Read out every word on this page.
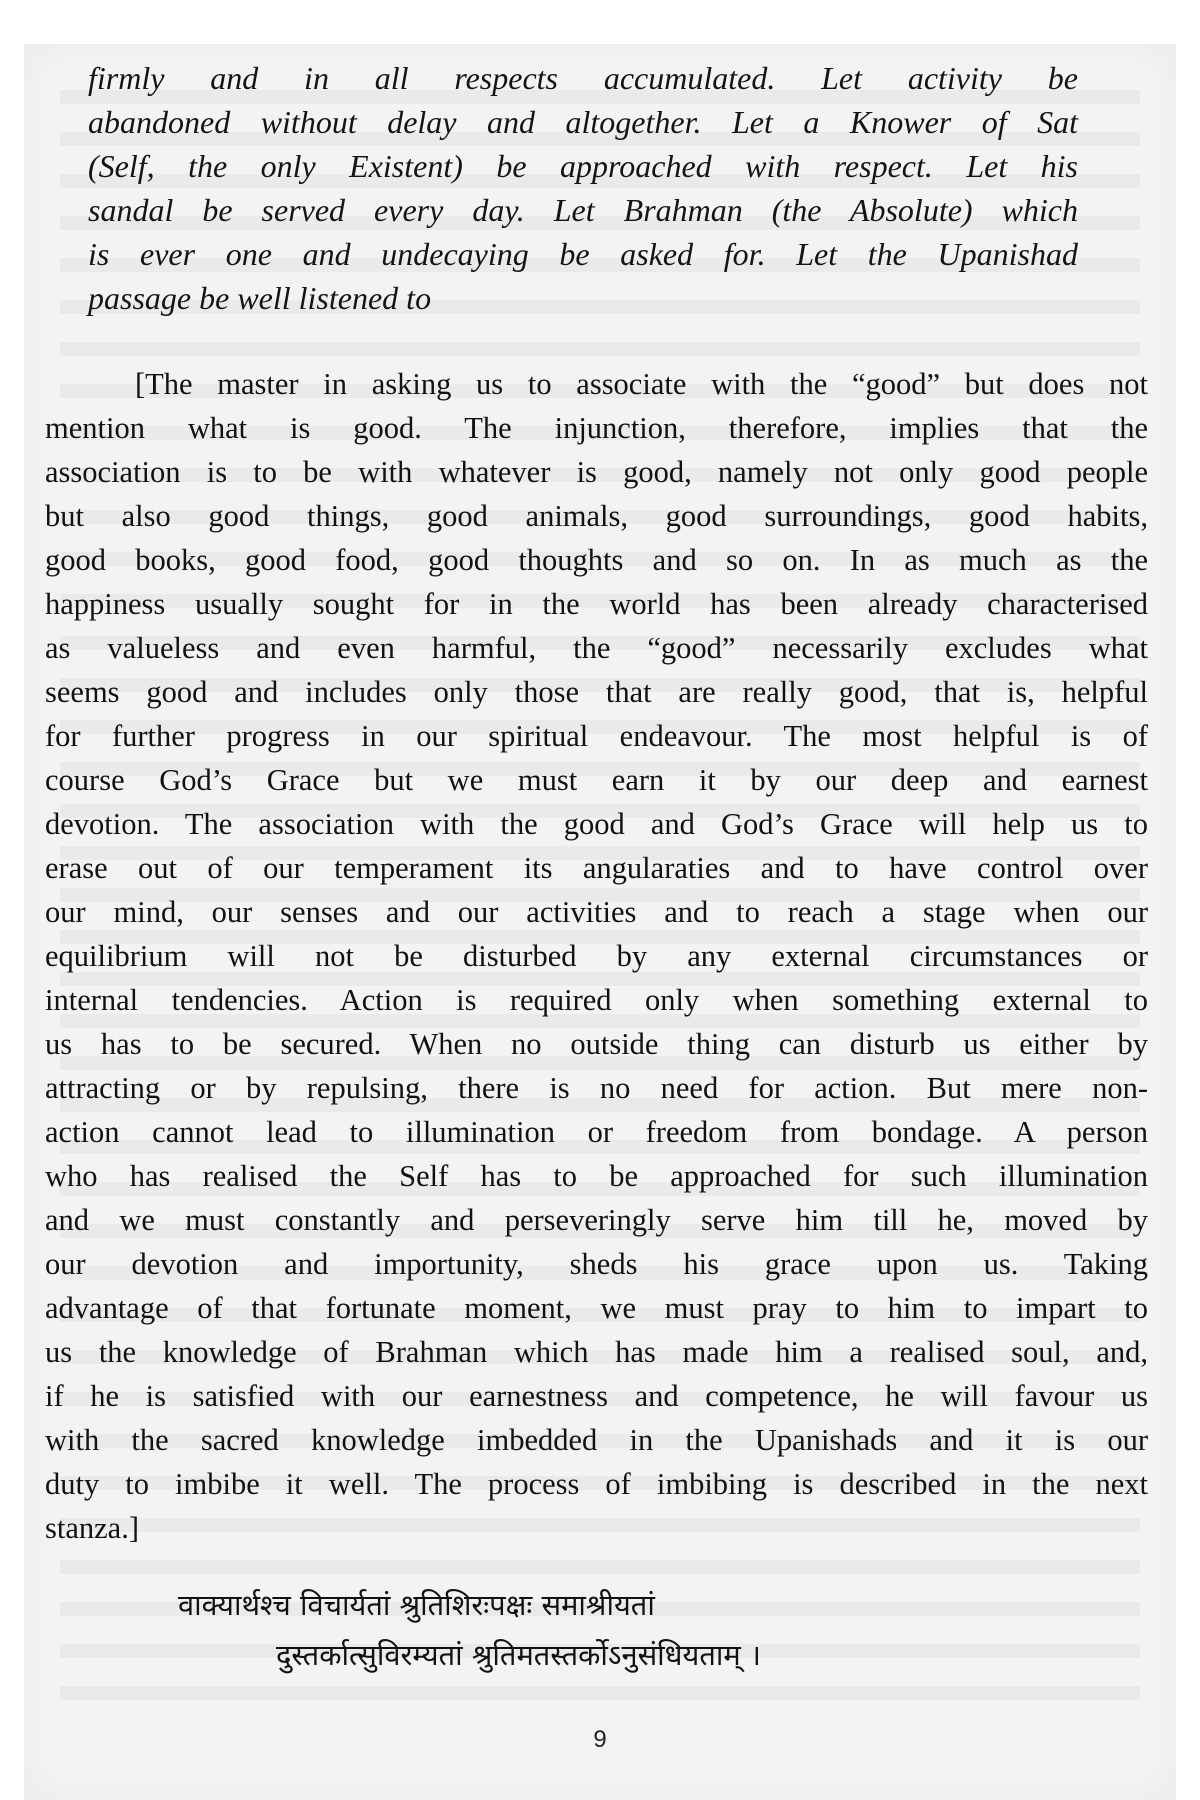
firmly and in all respects accumulated. Let activity be
abandoned without delay and altogether. Let a Knower of Sat
(Self, the only Existent) be approached with respect. Let his
sandal be served every day. Let Brahman (the Absolute) which
is ever one and undecaying be asked for. Let the Upanishad
passage be well listened to
[The master in asking us to associate with the “good” but does not
mention what is good. The injunction, therefore, implies that the
association is to be with whatever is good, namely not only good people
but also good things, good animals, good surroundings, good habits,
good books, good food, good thoughts and so on. In as much as the
happiness usually sought for in the world has been already characterised
as valueless and even harmful, the “good” necessarily excludes what
seems good and includes only those that are really good, that is, helpful
for further progress in our spiritual endeavour. The most helpful is of
course God’s Grace but we must earn it by our deep and earnest
devotion. The association with the good and God’s Grace will help us to
erase out of our temperament its angularaties and to have control over
our mind, our senses and our activities and to reach a stage when our
equilibrium will not be disturbed by any external circumstances or
internal tendencies. Action is required only when something external to
us has to be secured. When no outside thing can disturb us either by
attracting or by repulsing, there is no need for action. But mere non-
action cannot lead to illumination or freedom from bondage. A person
who has realised the Self has to be approached for such illumination
and we must constantly and perseveringly serve him till he, moved by
our devotion and importunity, sheds his grace upon us. Taking
advantage of that fortunate moment, we must pray to him to impart to
us the knowledge of Brahman which has made him a realised soul, and,
if he is satisfied with our earnestness and competence, he will favour us
with the sacred knowledge imbedded in the Upanishads and it is our
duty to imbibe it well. The process of imbibing is described in the next
stanza.]
वाक्यार्थश्च विचार्यतां श्रुतिशिरःपक्षः समाश्रीयतां
दुस्तर्कात्सुविरम्यतां श्रुतिमतस्तर्कोऽनुसंधियताम् ।
9
